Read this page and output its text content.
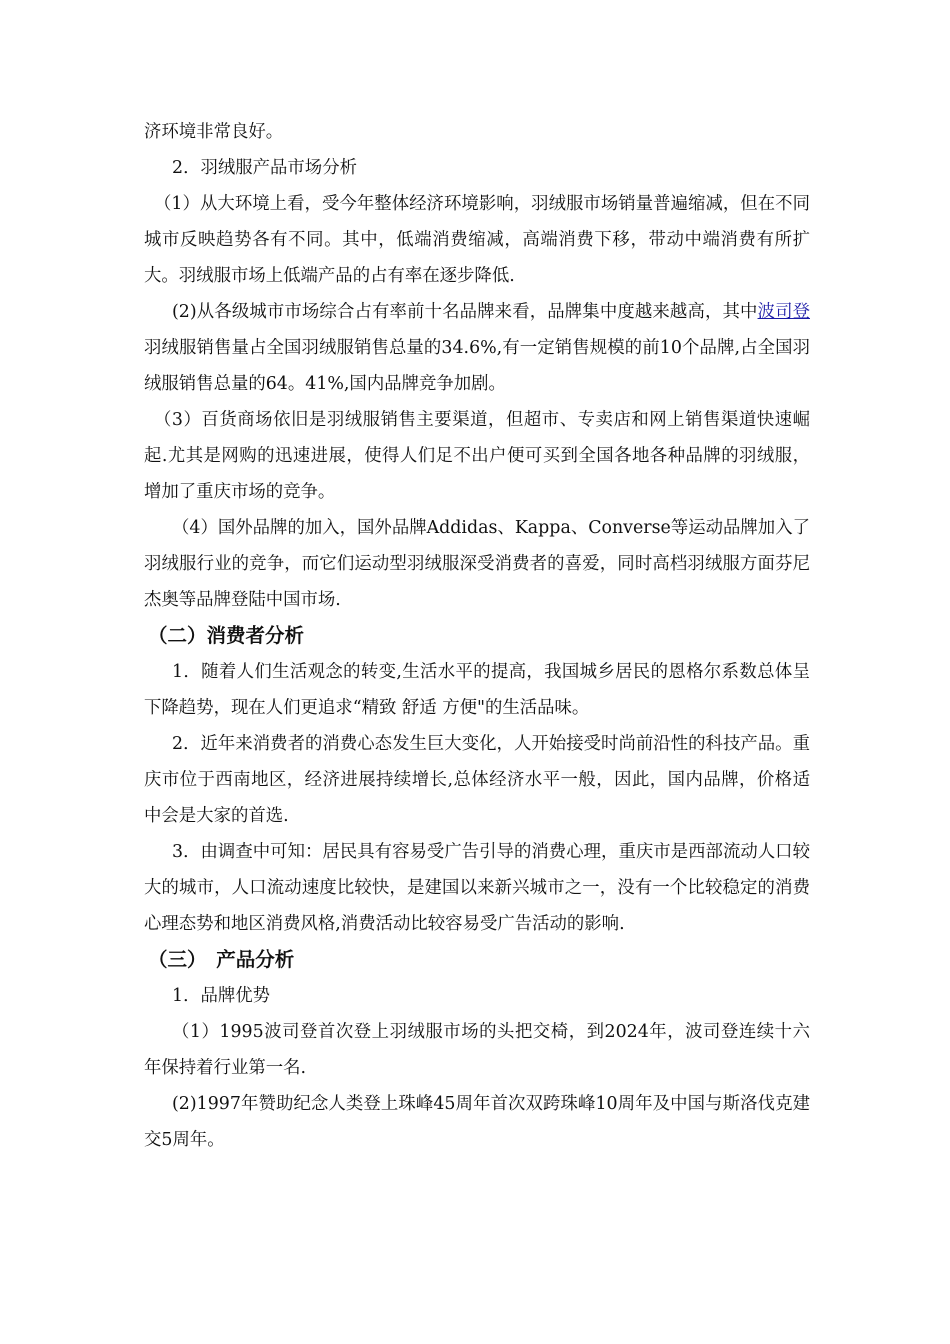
济环境非常良好。

2．羽绒服产品市场分析

（1）从大环境上看，受今年整体经济环境影响，羽绒服市场销量普遍缩减，但在不同城市反映趋势各有不同。其中，低端消费缩减，高端消费下移，带动中端消费有所扩大。羽绒服市场上低端产品的占有率在逐步降低.

(2)从各级城市市场综合占有率前十名品牌来看，品牌集中度越来越高，其中波司登羽绒服销售量占全国羽绒服销售总量的34.6%,有一定销售规模的前10个品牌,占全国羽绒服销售总量的64。41%,国内品牌竞争加剧。

（3）百货商场依旧是羽绒服销售主要渠道，但超市、专卖店和网上销售渠道快速崛起.尤其是网购的迅速进展，使得人们足不出户便可买到全国各地各种品牌的羽绒服，增加了重庆市场的竞争。

（4）国外品牌的加入，国外品牌Addidas、Kappa、Converse等运动品牌加入了羽绒服行业的竞争，而它们运动型羽绒服深受消费者的喜爱，同时高档羽绒服方面芬尼杰奥等品牌登陆中国市场.

（二）消费者分析

1．随着人们生活观念的转变,生活水平的提高，我国城乡居民的恩格尔系数总体呈下降趋势，现在人们更追求“精致 舒适 方便"的生活品味。

2．近年来消费者的消费心态发生巨大变化，人开始接受时尚前沿性的科技产品。重庆市位于西南地区，经济进展持续增长,总体经济水平一般，因此，国内品牌，价格适中会是大家的首选.

3．由调查中可知：居民具有容易受广告引导的消费心理，重庆市是西部流动人口较大的城市，人口流动速度比较快，是建国以来新兴城市之一，没有一个比较稳定的消费心理态势和地区消费风格,消费活动比较容易受广告活动的影响.

（三）　产品分析

1．品牌优势

（1）1995波司登首次登上羽绒服市场的头把交椅，到2024年，波司登连续十六年保持着行业第一名.

(2)1997年赞助纪念人类登上珠峰45周年首次双跨珠峰10周年及中国与斯洛伐克建交5周年。
